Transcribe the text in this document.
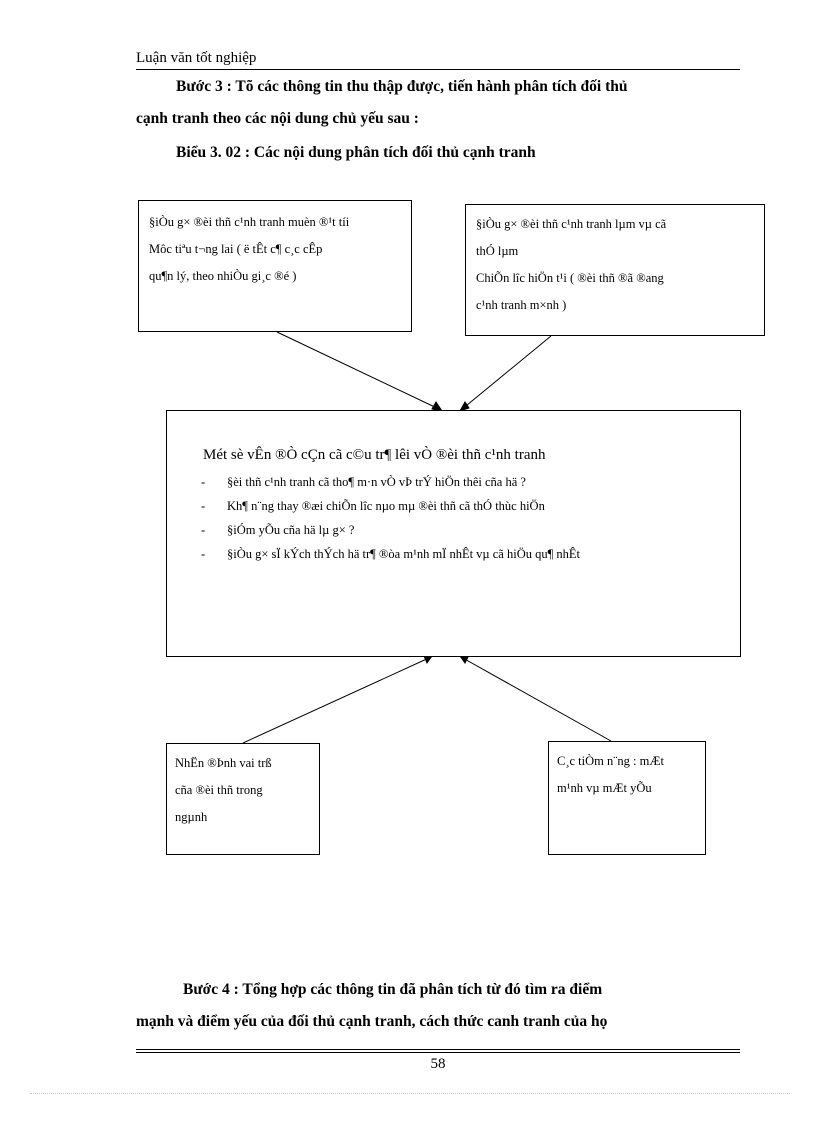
Luận văn tốt nghiệp
Bước 3 : Tõ các thông tin thu thập được, tiến hành phân tích đối thủ
cạnh tranh theo các nội dung chủ yếu sau :
Biểu 3. 02 : Các nội dung phân tích đối thủ cạnh tranh
§iÒu g× ®èi thñ c¹nh tranh muèn ®¹t tíi
Môc tiªu t¬ng lai ( ë tÊt c¶ c¸c cÊp
qu¶n lý, theo nhiÒu gi¸c ®é )
§iÒu g× ®èi thñ c¹nh tranh lµm vµ cã
thÓ lµm
ChiÕn lîc hiÖn t¹i ( ®èi thñ ®ã ®ang
c¹nh tranh m×nh )
Mét sè vÊn ®Ò cÇn cã c©u tr¶ lêi vÒ ®èi thñ c¹nh tranh
- §èi thñ c¹nh tranh cã tho¶ m·n vÒ vÞ trÝ hiÖn thêi cña hä ?
- Kh¶ n¨ng thay ®æi chiÕn lîc nµo mµ ®èi thñ cã thÓ thùc hiÖn
- §iÓm yÕu cña hä lµ g× ?
- §iÒu g× sÏ kÝch thÝch hä tr¶ ®òa m¹nh mÏ nhÊt vµ cã hiÖu qu¶ nhÊt
NhËn ®Þnh vai trß
cña ®èi thñ trong
ngµnh
C¸c tiÒm n¨ng : mÆt
m¹nh vµ mÆt yÕu
Bước 4 : Tổng hợp các thông tin đã phân tích từ đó tìm ra điểm
mạnh và điểm yếu của đối thủ cạnh tranh, cách thức canh tranh của họ
58
